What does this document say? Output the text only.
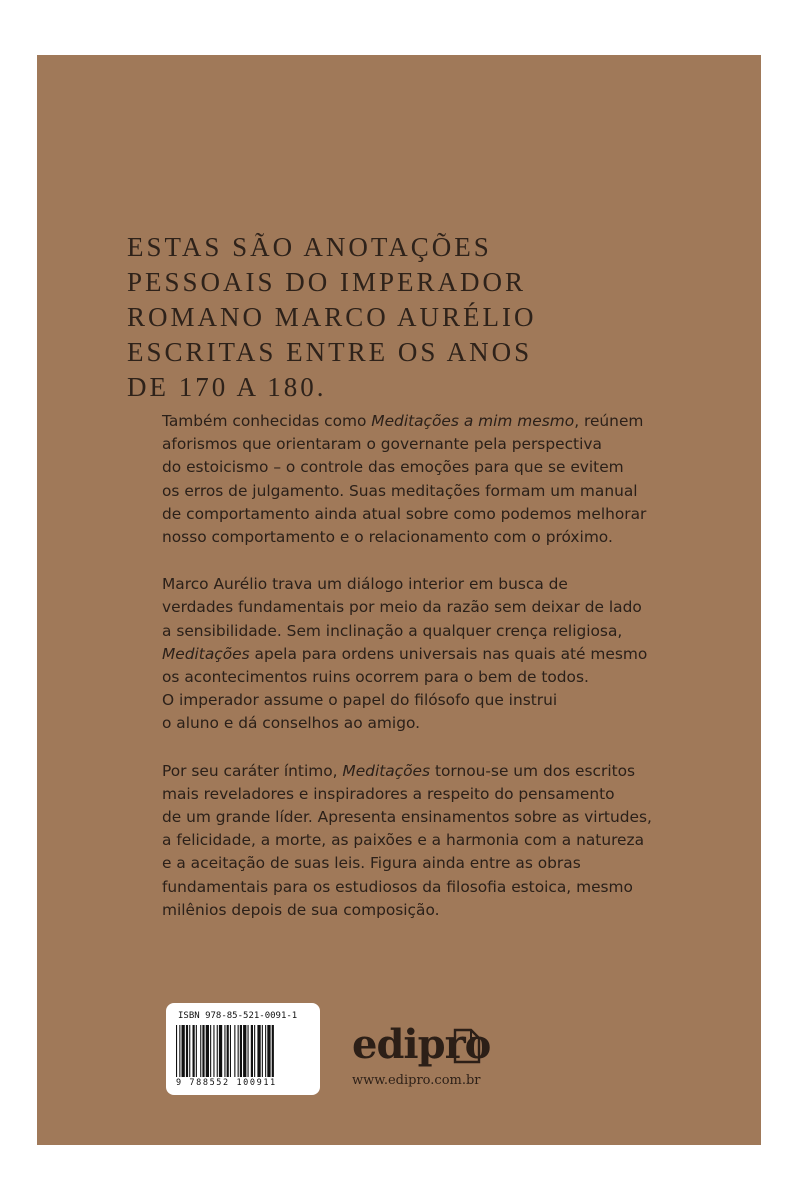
ESTAS SÃO ANOTAÇÕES
PESSOAIS DO IMPERADOR
ROMANO MARCO AURÉLIO
ESCRITAS ENTRE OS ANOS
DE 170 A 180.

Também conhecidas como Meditações a mim mesmo, reúnem
aforismos que orientaram o governante pela perspectiva
do estoicismo – o controle das emoções para que se evitem
os erros de julgamento. Suas meditações formam um manual
de comportamento ainda atual sobre como podemos melhorar
nosso comportamento e o relacionamento com o próximo.

Marco Aurélio trava um diálogo interior em busca de
verdades fundamentais por meio da razão sem deixar de lado
a sensibilidade. Sem inclinação a qualquer crença religiosa,
Meditações apela para ordens universais nas quais até mesmo
os acontecimentos ruins ocorrem para o bem de todos.
O imperador assume o papel do filósofo que instrui
o aluno e dá conselhos ao amigo.

Por seu caráter íntimo, Meditações tornou-se um dos escritos
mais reveladores e inspiradores a respeito do pensamento
de um grande líder. Apresenta ensinamentos sobre as virtudes,
a felicidade, a morte, as paixões e a harmonia com a natureza
e a aceitação de suas leis. Figura ainda entre as obras
fundamentais para os estudiosos da filosofia estoica, mesmo
milênios depois de sua composição.

ISBN 978-85-521-0091-1
9 788552 100911
edipro
www.edipro.com.br
